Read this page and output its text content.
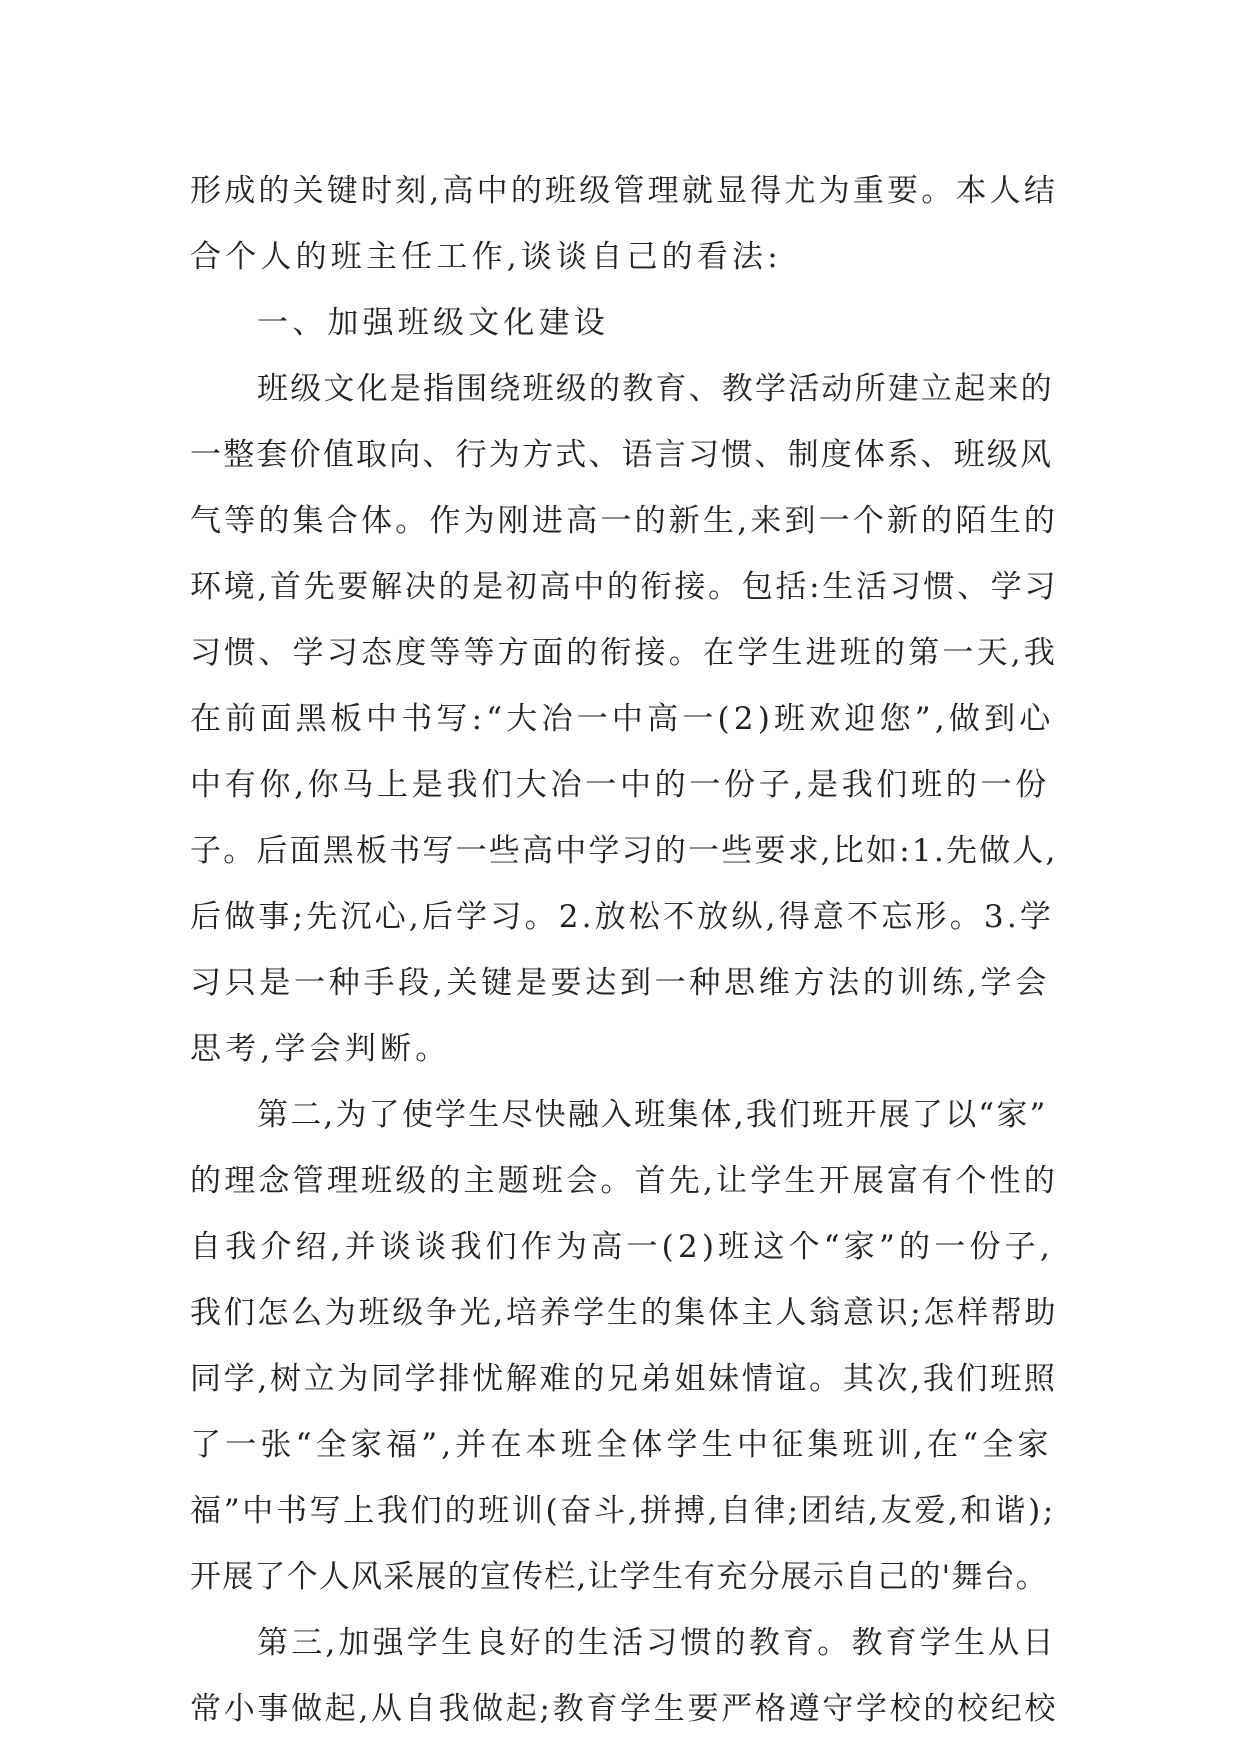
形成的关键时刻,高中的班级管理就显得尤为重要。本人结
合个人的班主任工作,谈谈自己的看法:
一、加强班级文化建设
班级文化是指围绕班级的教育、教学活动所建立起来的
一整套价值取向、行为方式、语言习惯、制度体系、班级风
气等的集合体。作为刚进高一的新生,来到一个新的陌生的
环境,首先要解决的是初高中的衔接。包括:生活习惯、学习
习惯、学习态度等等方面的衔接。在学生进班的第一天,我
在前面黑板中书写:“大冶一中高一(2)班欢迎您”,做到心
中有你,你马上是我们大冶一中的一份子,是我们班的一份
子。后面黑板书写一些高中学习的一些要求,比如:1.先做人,
后做事;先沉心,后学习。2.放松不放纵,得意不忘形。3.学
习只是一种手段,关键是要达到一种思维方法的训练,学会
思考,学会判断。
第二,为了使学生尽快融入班集体,我们班开展了以“家”
的理念管理班级的主题班会。首先,让学生开展富有个性的
自我介绍,并谈谈我们作为高一(2)班这个“家”的一份子,
我们怎么为班级争光,培养学生的集体主人翁意识;怎样帮助
同学,树立为同学排忧解难的兄弟姐妹情谊。其次,我们班照
了一张“全家福”,并在本班全体学生中征集班训,在“全家
福”中书写上我们的班训(奋斗,拼搏,自律;团结,友爱,和谐);
开展了个人风采展的宣传栏,让学生有充分展示自己的'舞台。
第三,加强学生良好的生活习惯的教育。教育学生从日
常小事做起,从自我做起;教育学生要严格遵守学校的校纪校
